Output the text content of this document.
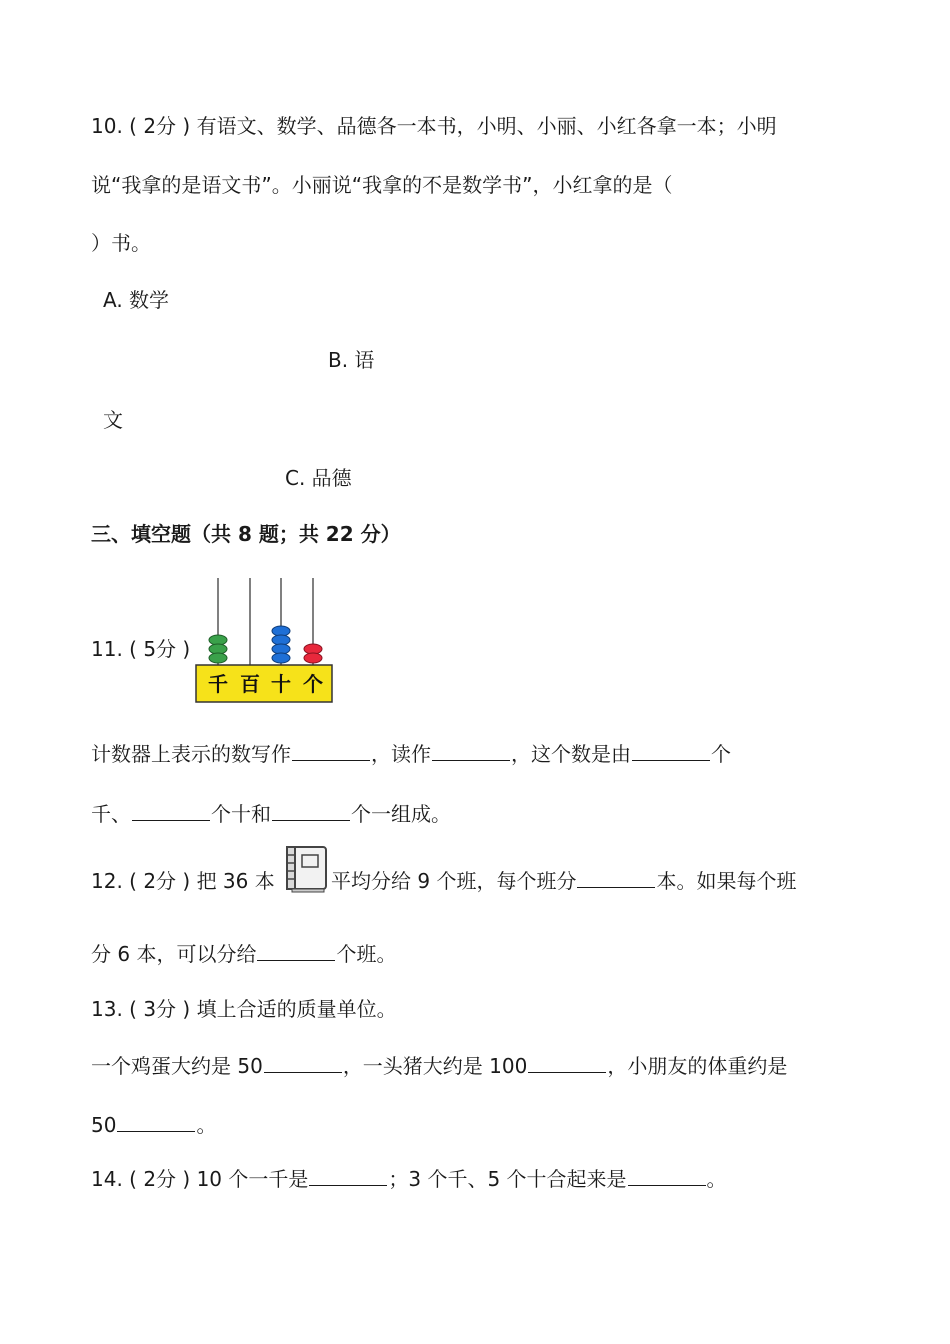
10. ( 2分 ) 有语文、数学、品德各一本书，小明、小丽、小红各拿一本；小明
说“我拿的是语文书”。小丽说“我拿的不是数学书”，小红拿的是（
）书。
A. 数学
B. 语
文
C. 品德
三、填空题（共 8 题；共 22 分）
11. ( 5分 )
千 百 十 个
计数器上表示的数写作	，读作	，这个数是由	个
千、	个十和	个一组成。
12. ( 2分 ) 把 36 本	平均分给 9 个班，每个班分	本。如果每个班
分 6 本，可以分给	个班。
13. ( 3分 ) 填上合适的质量单位。
一个鸡蛋大约是 50	，一头猪大约是 100	，小朋友的体重约是
50	。
14. ( 2分 ) 10 个一千是	；3 个千、5 个十合起来是	。
